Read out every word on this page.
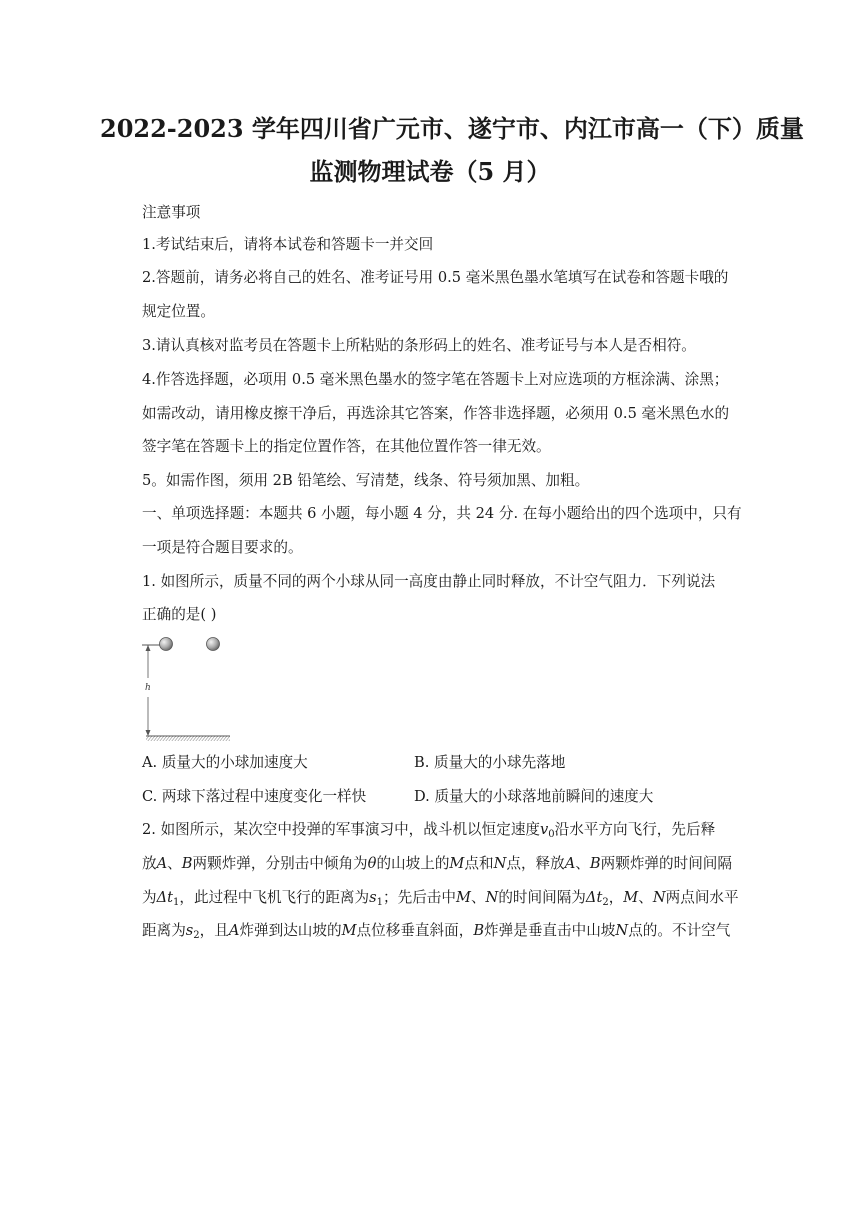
2022-2023 学年四川省广元市、遂宁市、内江市高一（下）质量
监测物理试卷（5 月）
注意事项
1.考试结束后，请将本试卷和答题卡一并交回
2.答题前，请务必将自己的姓名、准考证号用 0.5 毫米黑色墨水笔填写在试卷和答题卡哦的
规定位置。
3.请认真核对监考员在答题卡上所粘贴的条形码上的姓名、准考证号与本人是否相符。
4.作答选择题，必项用 0.5 毫米黑色墨水的签字笔在答题卡上对应选项的方框涂满、涂黑；
如需改动，请用橡皮擦干净后，再选涂其它答案，作答非选择题，必须用 0.5 毫米黑色水的
签字笔在答题卡上的指定位置作答，在其他位置作答一律无效。
5。如需作图，须用 2B 铅笔绘、写清楚，线条、符号须加黑、加粗。
一、单项选择题：本题共 6 小题，每小题 4 分，共 24 分. 在每小题给出的四个选项中，只有
一项是符合题目要求的。
1. 如图所示，质量不同的两个小球从同一高度由静止同时释放，不计空气阻力．下列说法
正确的是( )
h
A. 质量大的小球加速度大	B. 质量大的小球先落地
C. 两球下落过程中速度变化一样快	D. 质量大的小球落地前瞬间的速度大
2. 如图所示，某次空中投弹的军事演习中，战斗机以恒定速度$v_0$沿水平方向飞行，先后释
放A、B两颗炸弹，分别击中倾角为θ的山坡上的M点和N点，释放A、B两颗炸弹的时间间隔
为$\Delta t_1$，此过程中飞机飞行的距离为$s_1$；先后击中M、N的时间间隔为$\Delta t_2$，M、N两点间水平
距离为$s_2$，且A炸弹到达山坡的M点位移垂直斜面，B炸弹是垂直击中山坡N点的。不计空气
